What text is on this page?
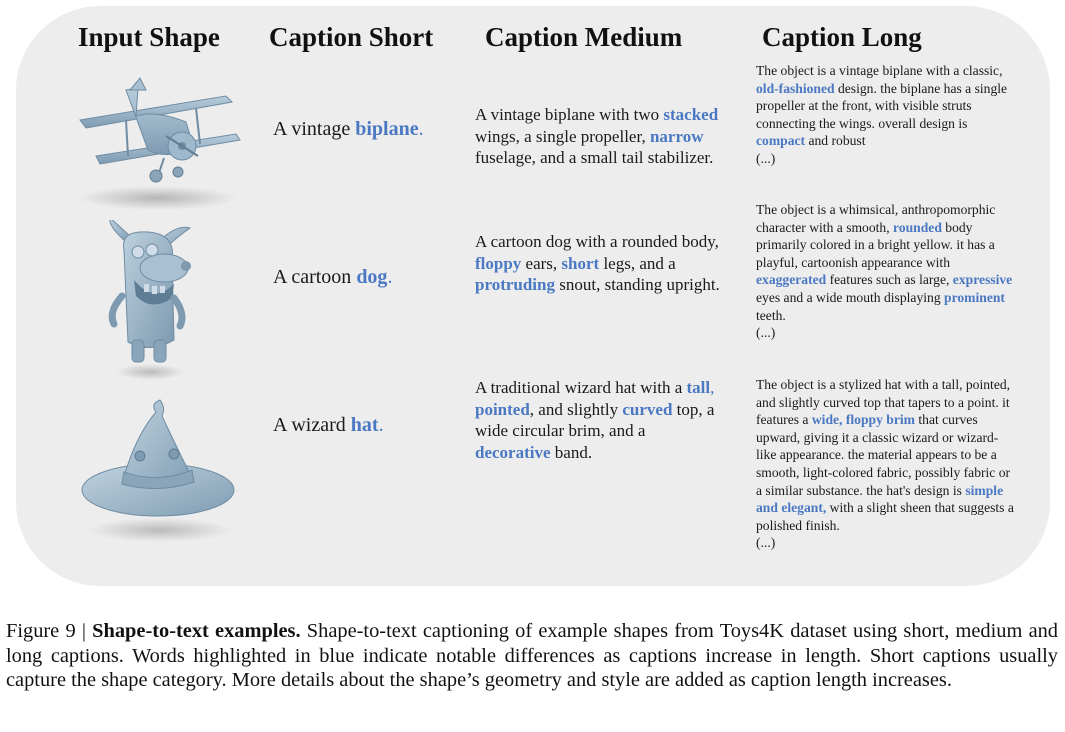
Input Shape Caption Short Caption Medium	Caption Long
A vintage biplane.
A vintage biplane with two stacked wings, a single propeller, narrow fuselage, and a small tail stabilizer.
The object is a vintage biplane with a classic, old-fashioned design. the biplane has a single propeller at the front, with visible struts connecting the wings. overall design is compact and robust
(...)
A cartoon dog.
A cartoon dog with a rounded body, floppy ears, short legs, and a protruding snout, standing upright.
The object is a whimsical, anthropomorphic character with a smooth, rounded body primarily colored in a bright yellow. it has a playful, cartoonish appearance with exaggerated features such as large, expressive eyes and a wide mouth displaying prominent teeth.
(...)
A wizard hat.
A traditional wizard hat with a tall, pointed, and slightly curved top, a wide circular brim, and a decorative band.
The object is a stylized hat with a tall, pointed, and slightly curved top that tapers to a point. it features a wide, floppy brim that curves upward, giving it a classic wizard or wizard-like appearance. the material appears to be a smooth, light-colored fabric, possibly fabric or a similar substance. the hat's design is simple and elegant, with a slight sheen that suggests a polished finish.
(...)
Figure 9 | Shape-to-text examples. Shape-to-text captioning of example shapes from Toys4K dataset using short, medium and long captions. Words highlighted in blue indicate notable differences as captions increase in length. Short captions usually capture the shape category. More details about the shape’s geometry and style are added as caption length increases.
